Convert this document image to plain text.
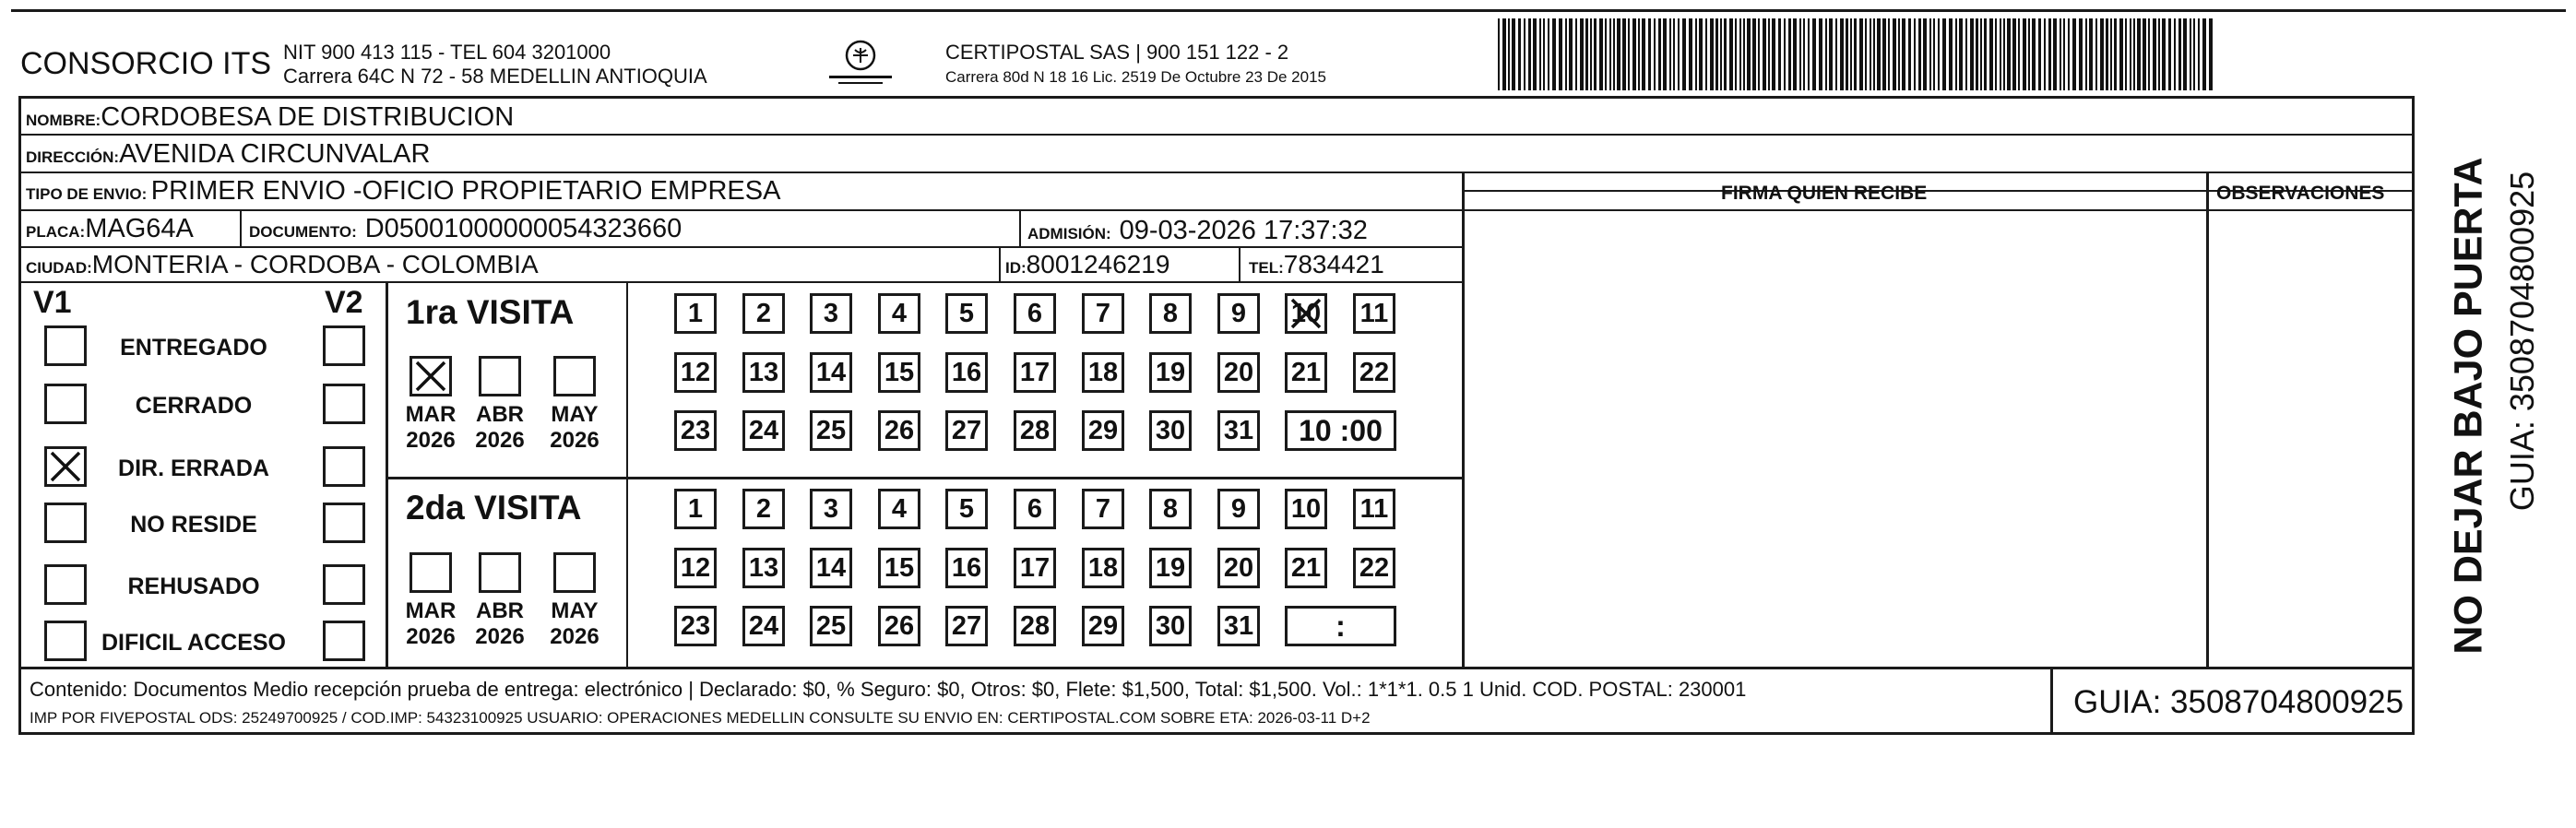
CONSORCIO ITS NIT 900 413 115 - TEL 604 3201000
Carrera 64C N 72 - 58 MEDELLIN ANTIOQUIA
CERTIPOSTAL SAS | 900 151 122 - 2
Carrera 80d N 18 16 Lic. 2519 De Octubre 23 De 2015
NOMBRE:CORDOBESA DE DISTRIBUCION
DIRECCIÓN:AVENIDA CIRCUNVALAR
TIPO DE ENVIO: PRIMER ENVIO -OFICIO PROPIETARIO EMPRESA	FIRMA QUIEN RECIBE	OBSERVACIONES
PLACA:MAG64A	DOCUMENTO: D05001000000054323660	ADMISIÓN: 09-03-2026 17:37:32
CIUDAD:MONTERIA - CORDOBA - COLOMBIA	ID:8001246219	TEL:7834421
V1	V2
ENTREGADO
CERRADO
DIR. ERRADA
NO RESIDE
REHUSADO
DIFICIL ACCESO
1ra VISITA
2da VISITA
MAR
2026
ABR
2026
MAY
2026
MAR
2026
ABR
2026
MAY
2026
1 2 3 4 5 6 7 8 9 10 11
12 13 14 15 16 17 18 19 20 21 22
23 24 25 26 27 28 29 30 31 10 :00
1 2 3 4 5 6 7 8 9 10 11
12 13 14 15 16 17 18 19 20 21 22
23 24 25 26 27 28 29 30 31	:
Contenido: Documentos Medio recepción prueba de entrega: electrónico | Declarado: $0, % Seguro: $0, Otros: $0, Flete: $1,500, Total: $1,500. Vol.: 1*1*1. 0.5 1 Unid. COD. POSTAL: 230001
IMP POR FIVEPOSTAL ODS: 25249700925 / COD.IMP: 54323100925 USUARIO: OPERACIONES MEDELLIN CONSULTE SU ENVIO EN: CERTIPOSTAL.COM SOBRE ETA: 2026-03-11 D+2	GUIA: 3508704800925
NO DEJAR BAJO PUERTA GUIA: 3508704800925
